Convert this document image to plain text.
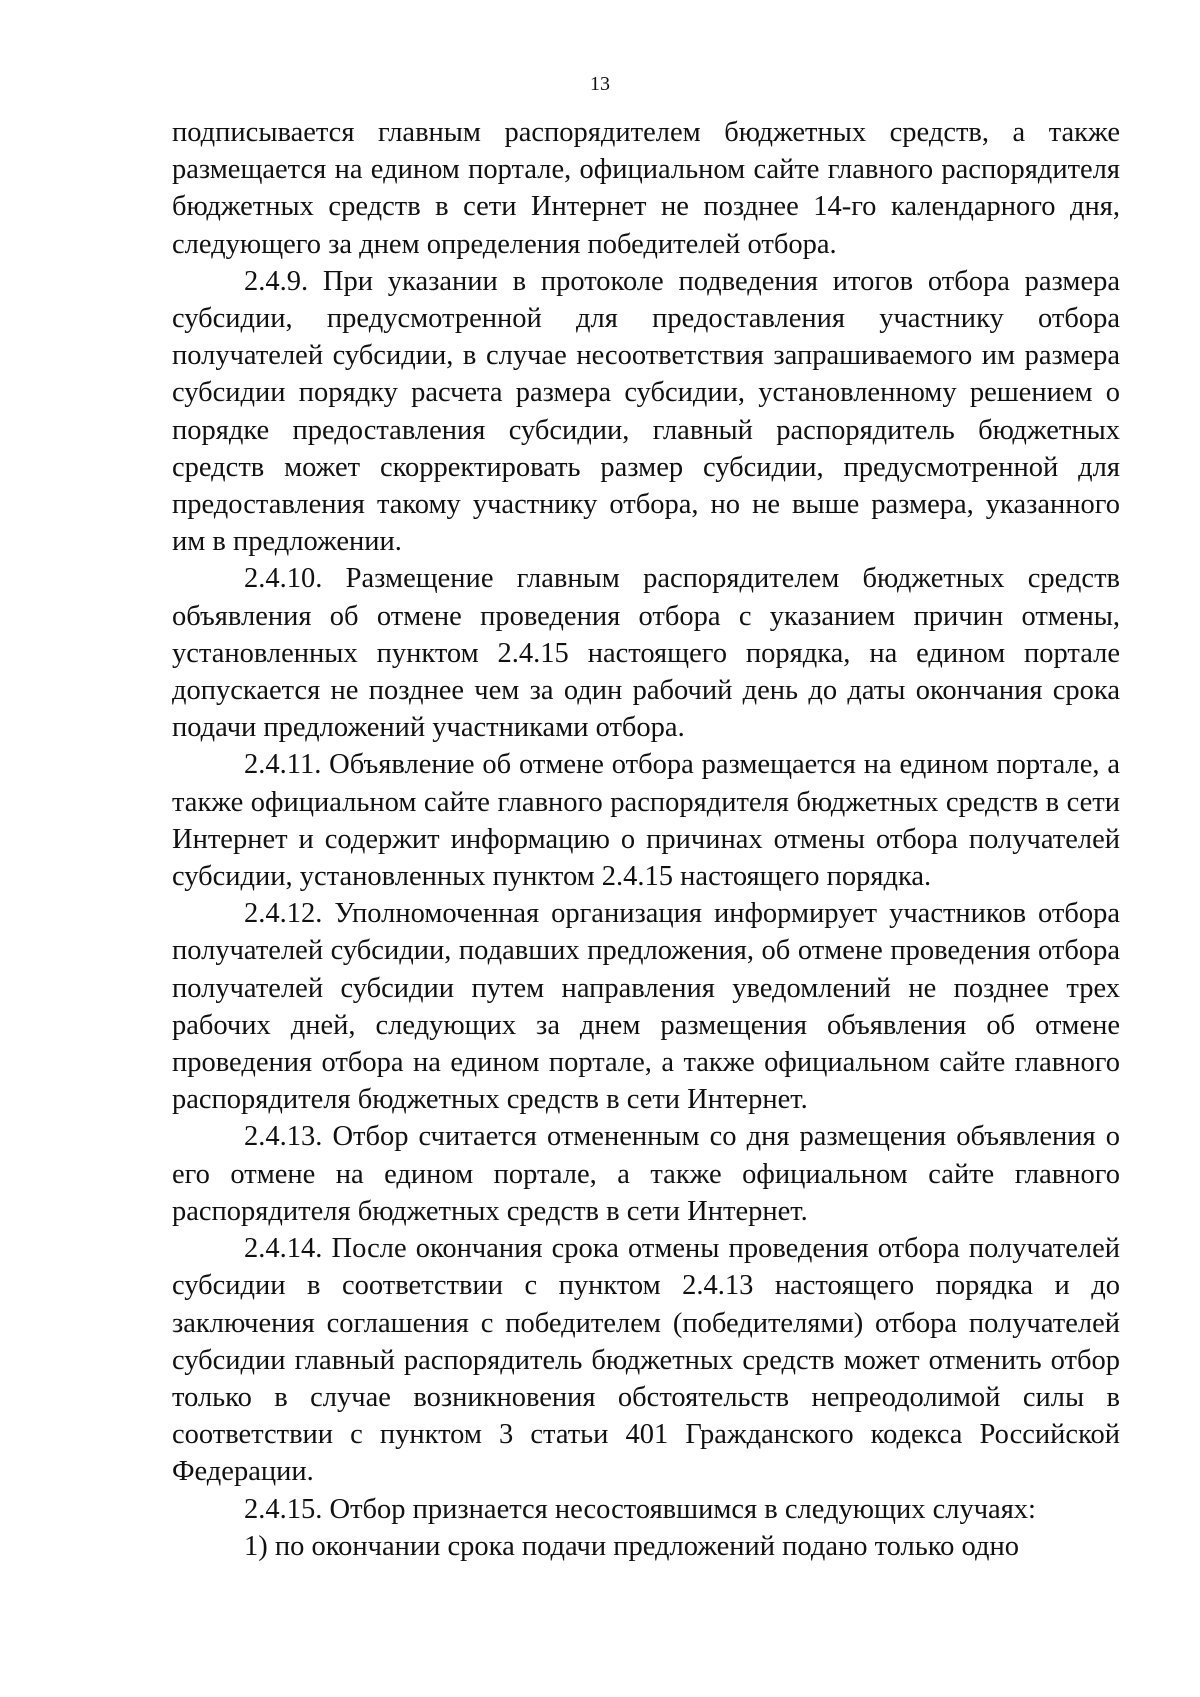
13

подписывается главным распорядителем бюджетных средств, а также размещается на едином портале, официальном сайте главного распорядителя бюджетных средств в сети Интернет не позднее 14-го календарного дня, следующего за днем определения победителей отбора.

2.4.9. При указании в протоколе подведения итогов отбора размера субсидии, предусмотренной для предоставления участнику отбора получателей субсидии, в случае несоответствия запрашиваемого им размера субсидии порядку расчета размера субсидии, установленному решением о порядке предоставления субсидии, главный распорядитель бюджетных средств может скорректировать размер субсидии, предусмотренной для предоставления такому участнику отбора, но не выше размера, указанного им в предложении.

2.4.10. Размещение главным распорядителем бюджетных средств объявления об отмене проведения отбора с указанием причин отмены, установленных пунктом 2.4.15 настоящего порядка, на едином портале допускается не позднее чем за один рабочий день до даты окончания срока подачи предложений участниками отбора.

2.4.11. Объявление об отмене отбора размещается на едином портале, а также официальном сайте главного распорядителя бюджетных средств в сети Интернет и содержит информацию о причинах отмены отбора получателей субсидии, установленных пунктом 2.4.15 настоящего порядка.

2.4.12. Уполномоченная организация информирует участников отбора получателей субсидии, подавших предложения, об отмене проведения отбора получателей субсидии путем направления уведомлений не позднее трех рабочих дней, следующих за днем размещения объявления об отмене проведения отбора на едином портале, а также официальном сайте главного распорядителя бюджетных средств в сети Интернет.

2.4.13. Отбор считается отмененным со дня размещения объявления о его отмене на едином портале, а также официальном сайте главного распорядителя бюджетных средств в сети Интернет.

2.4.14. После окончания срока отмены проведения отбора получателей субсидии в соответствии с пунктом 2.4.13 настоящего порядка и до заключения соглашения с победителем (победителями) отбора получателей субсидии главный распорядитель бюджетных средств может отменить отбор только в случае возникновения обстоятельств непреодолимой силы в соответствии с пунктом 3 статьи 401 Гражданского кодекса Российской Федерации.

2.4.15. Отбор признается несостоявшимся в следующих случаях:

1) по окончании срока подачи предложений подано только одно
